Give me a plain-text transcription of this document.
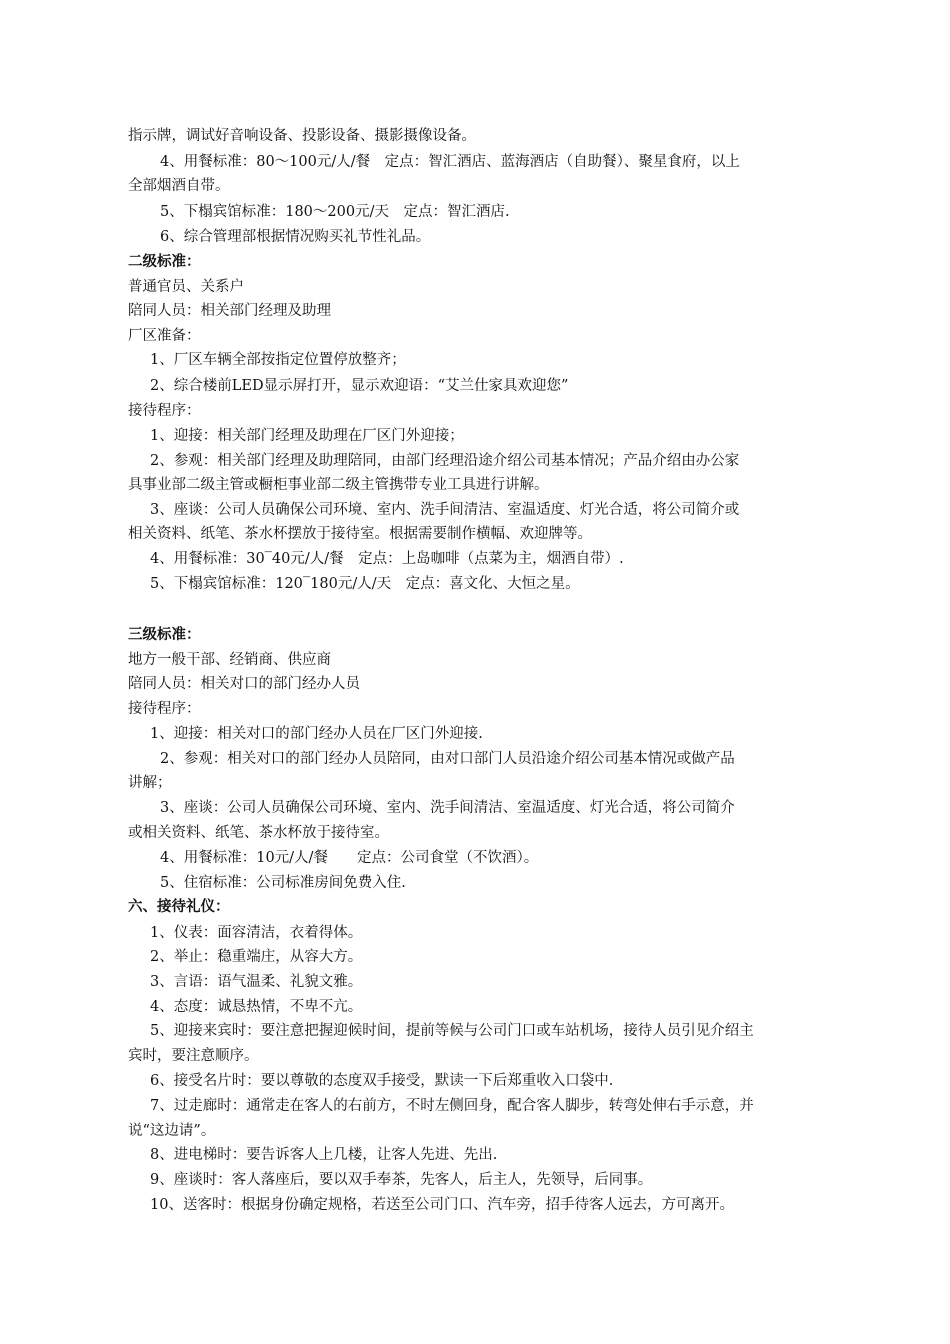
指示牌，调试好音响设备、投影设备、摄影摄像设备。
4、用餐标准：80～100元/人/餐　定点：智汇酒店、蓝海酒店（自助餐）、聚星食府，以上
全部烟酒自带。
5、下榻宾馆标准：180～200元/天　定点：智汇酒店.
6、综合管理部根据情况购买礼节性礼品。
二级标准：
普通官员、关系户
陪同人员：相关部门经理及助理
厂区准备：
1、厂区车辆全部按指定位置停放整齐；
2、综合楼前LED显示屏打开，显示欢迎语：“艾兰仕家具欢迎您”
接待程序：
1、迎接：相关部门经理及助理在厂区门外迎接；
2、参观：相关部门经理及助理陪同，由部门经理沿途介绍公司基本情况；产品介绍由办公家
具事业部二级主管或橱柜事业部二级主管携带专业工具进行讲解。
3、座谈：公司人员确保公司环境、室内、洗手间清洁、室温适度、灯光合适，将公司简介或
相关资料、纸笔、茶水杯摆放于接待室。根据需要制作横幅、欢迎牌等。
4、用餐标准：30‾40元/人/餐　定点：上岛咖啡（点菜为主，烟酒自带）.
5、下榻宾馆标准：120‾180元/人/天　定点：喜文化、大恒之星。
三级标准：
地方一般干部、经销商、供应商
陪同人员：相关对口的部门经办人员
接待程序：
1、迎接：相关对口的部门经办人员在厂区门外迎接.
2、参观：相关对口的部门经办人员陪同，由对口部门人员沿途介绍公司基本情况或做产品
讲解；
3、座谈：公司人员确保公司环境、室内、洗手间清洁、室温适度、灯光合适，将公司简介
或相关资料、纸笔、茶水杯放于接待室。
4、用餐标准：10元/人/餐　　定点：公司食堂（不饮酒）。
5、住宿标准：公司标准房间免费入住.
六、接待礼仪：
1、仪表：面容清洁，衣着得体。
2、举止：稳重端庄，从容大方。
3、言语：语气温柔、礼貌文雅。
4、态度：诚恳热情，不卑不亢。
5、迎接来宾时：要注意把握迎候时间，提前等候与公司门口或车站机场，接待人员引见介绍主
宾时，要注意顺序。
6、接受名片时：要以尊敬的态度双手接受，默读一下后郑重收入口袋中.
7、过走廊时：通常走在客人的右前方，不时左侧回身，配合客人脚步，转弯处伸右手示意，并
说“这边请”。
8、进电梯时：要告诉客人上几楼，让客人先进、先出.
9、座谈时：客人落座后，要以双手奉茶，先客人，后主人，先领导，后同事。
10、送客时：根据身份确定规格，若送至公司门口、汽车旁，招手待客人远去，方可离开。
